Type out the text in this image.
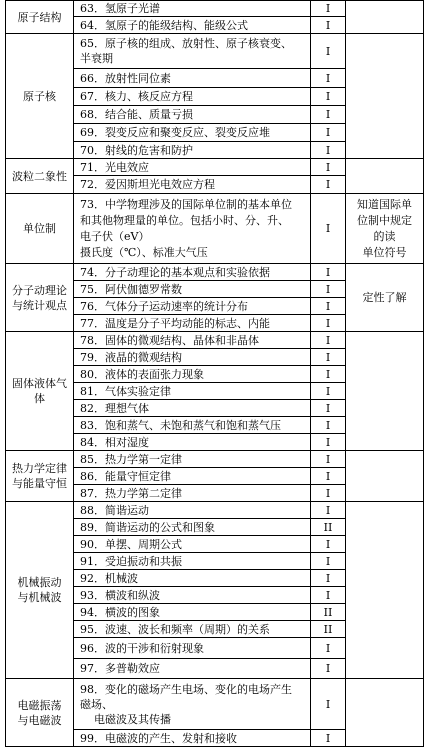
原子结构	63．氢原子光谱	I	

	64．氢原子的能级结构、能级公式	I	

原子核	65．原子核的组成、放射性、原子核衰变、
半衰期	I	

	66．放射性同位素	I	

	67．核力、核反应方程	I	

	68．结合能、质量亏损	I	

	69．裂变反应和聚变反应、裂变反应堆	I	

	70．射线的危害和防护	I	

波粒二象性	71．光电效应	I	

	72．爱因斯坦光电效应方程	I	

单位制	73．中学物理涉及的国际单位制的基本单位
和其他物理量的单位。包括小时、分、升、
电子伏（eV）
摄氏度（℃）、标准大气压	I	知道国际单
位制中规定
的读
单位符号

分子动理论
与统计观点	74．分子动理论的基本观点和实验依据	I	定性了解

	75．阿伏伽德罗常数	I	

	76．气体分子运动速率的统计分布	I	

	77．温度是分子平均动能的标志、内能	I	

固体液体气
体	78．固体的微观结构、晶体和非晶体	I	

	79．液晶的微观结构	I	

	80．液体的表面张力现象	I	

	81．气体实验定律	I	

	82．理想气体	I	

	83．饱和蒸气、未饱和蒸气和饱和蒸气压	I	

	84．相对湿度	I	

热力学定律
与能量守恒	85．热力学第一定律	I	

	86．能量守恒定律	I	

	87．热力学第二定律	I	

机械振动
与机械波	88．简谐运动	I	

	89．简谐运动的公式和图象	II	

	90．单摆、周期公式	I	

	91．受迫振动和共振	I	

	92．机械波	I	

	93．横波和纵波	I	

	94．横波的图象	II	

	95．波速、波长和频率（周期）的关系	II	

	96．波的干涉和衍射现象	I	

	97．多普勒效应	I	

电磁振荡
与电磁波	98．变化的磁场产生电场、变化的电场产生
磁场、
电磁波及其传播	I	

	99．电磁波的产生、发射和接收	I	
